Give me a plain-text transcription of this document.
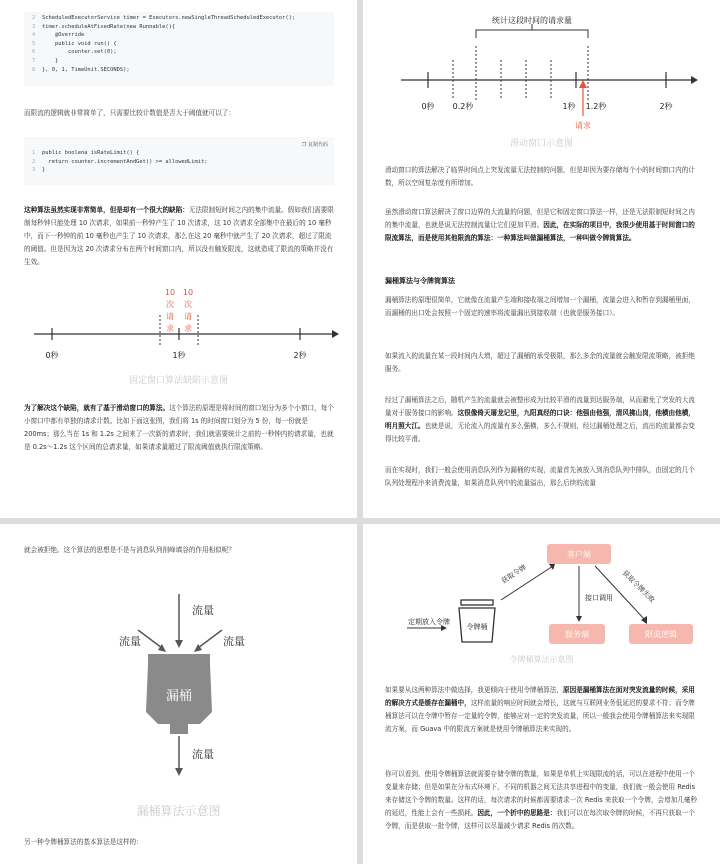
2 ScheduledExecutorService timer = Executors.newSingleThreadScheduledExecutor();
3 timer.scheduleAtFixedRate(new Runnable(){
4    @Override
5    public void run() {
6        counter.set(0);
7    }
8 }, 0, 1, TimeUnit.SECONDS);
而限流的逻辑就非常简单了，只需要比较计数值是否大于阈值就可以了：
❐ 复制代码
1 public boolena isRateLimit() {
2  return counter.incrementAndGet() >= allowedLimit;
3 }
这种算法虽然实现非常简单，但是却有一个很大的缺陷：无法限制短时间之内的集中流量。假如我们需要限制每秒钟只能处理 10 次请求，如果前一秒钟产生了 10 次请求，这 10 次请求全部集中在最后的 10 毫秒中，而下一秒钟的前 10 毫秒也产生了 10 次请求，那么在这 20 毫秒中就产生了 20 次请求，超过了限流的阈值。但是因为这 20 次请求分布在两个时间窗口内，所以没有触发限流，这就造成了限流的策略并没有生效。
10 10
次 次
请 请
求 求
0秒	1秒	2秒
固定窗口算法缺陷示意图
为了解决这个缺陷，就有了基于滑动窗口的算法。这个算法的原理是将时间的窗口划分为多个小窗口，每个小窗口中都有单独的请求计数。比如下面这张图，我们将 1s 的时间窗口划分为 5 份，每一份就是 200ms；那么当在 1s 和 1.2s 之间来了一次新的请求时，我们就需要统计之前的一秒钟内的请求量，也就是 0.2s～1.2s 这个区间的总请求量，如果请求量超过了限流阈值就执行限流策略。
统计这段时间的请求量
0秒 0.2秒	1秒 1.2秒	2秒
请求
滑动窗口示意图
滑动窗口的算法解决了临界时间点上突发流量无法控制的问题，但是却因为要存储每个小的时间窗口内的计数，所以空间复杂度有所增加。
虽然滑动窗口算法解决了窗口边界的大流量的问题，但是它和固定窗口算法一样，还是无法限制短时间之内的集中流量，也就是说无法控制流量让它们更加平滑。因此，在实际的项目中，我很少使用基于时间窗口的限流算法，而是使用其他限流的算法：一种算法叫做漏桶算法，一种叫做令牌筒算法。
漏桶算法与令牌筒算法
漏桶算法的原理很简单，它就像在流量产生端和接收端之间增加一个漏桶，流量会进入和暂存到漏桶里面，而漏桶的出口处会按照一个固定的速率将流量漏出到接收端（也就是服务接口）。
如果流入的流量在某一段时间内大增，超过了漏桶的承受极限，那么多余的流量就会触发限流策略，被拒绝服务。
经过了漏桶算法之后，随机产生的流量就会被整形成为比较平滑的流量到达服务端，从而避免了突发的大流量对于服务接口的影响。这很像倚天屠龙记里，九阳真经的口诀：他强由他强，清风拂山岗，他横由他横，明月照大江。也就是说，无论流入的流量有多么强横，多么不规则，经过漏桶处理之后，流出的流量都会变得比较平滑。
而在实现时，我们一般会使用消息队列作为漏桶的实现，流量首先被放入到消息队列中排队，由固定的几个队列处理程序来消费流量，如果消息队列中的流量溢出，那么后续的流量
就会被拒绝。这个算法的思想是不是与消息队列削峰填谷的作用相似呢？
流量
流量	流量
漏桶
流量
漏桶算法示意图
另一种令牌桶算法的基本算法是这样的：
客户端
定期放入令牌
令牌桶
获取令牌	获取令牌失败
接口调用
服务端	限流逻辑
令牌桶算法示意图
如果要从这两种算法中做选择，我更倾向于使用令牌桶算法，原因是漏桶算法在面对突发流量的时候，采用的解决方式是缓存在漏桶中，这样流量的响应时间就会增长，这就与互联网业务低延迟的要求不符；而令牌桶算法可以在令牌中暂存一定量的令牌，能够应对一定的突发流量，所以一般我会使用令牌桶算法来实现限流方案，而 Guava 中的限流方案就是使用令牌桶算法来实现的。
你可以看到，使用令牌桶算法就需要存储令牌的数量，如果是单机上实现限流的话，可以在进程中使用一个变量来存储；但是如果在分布式环境下，不同的机器之间无法共享进程中的变量，我们就一般会使用 Redis 来存储这个令牌的数量。这样的话，每次请求的时候都需要请求一次 Redis 来获取一个令牌，会增加几毫秒的延迟，性能上会有一些损耗。因此，一个折中的思路是：我们可以在每次取令牌的时候，不再只获取一个令牌，而是获取一批令牌，这样可以尽量减少请求 Redis 的次数。
